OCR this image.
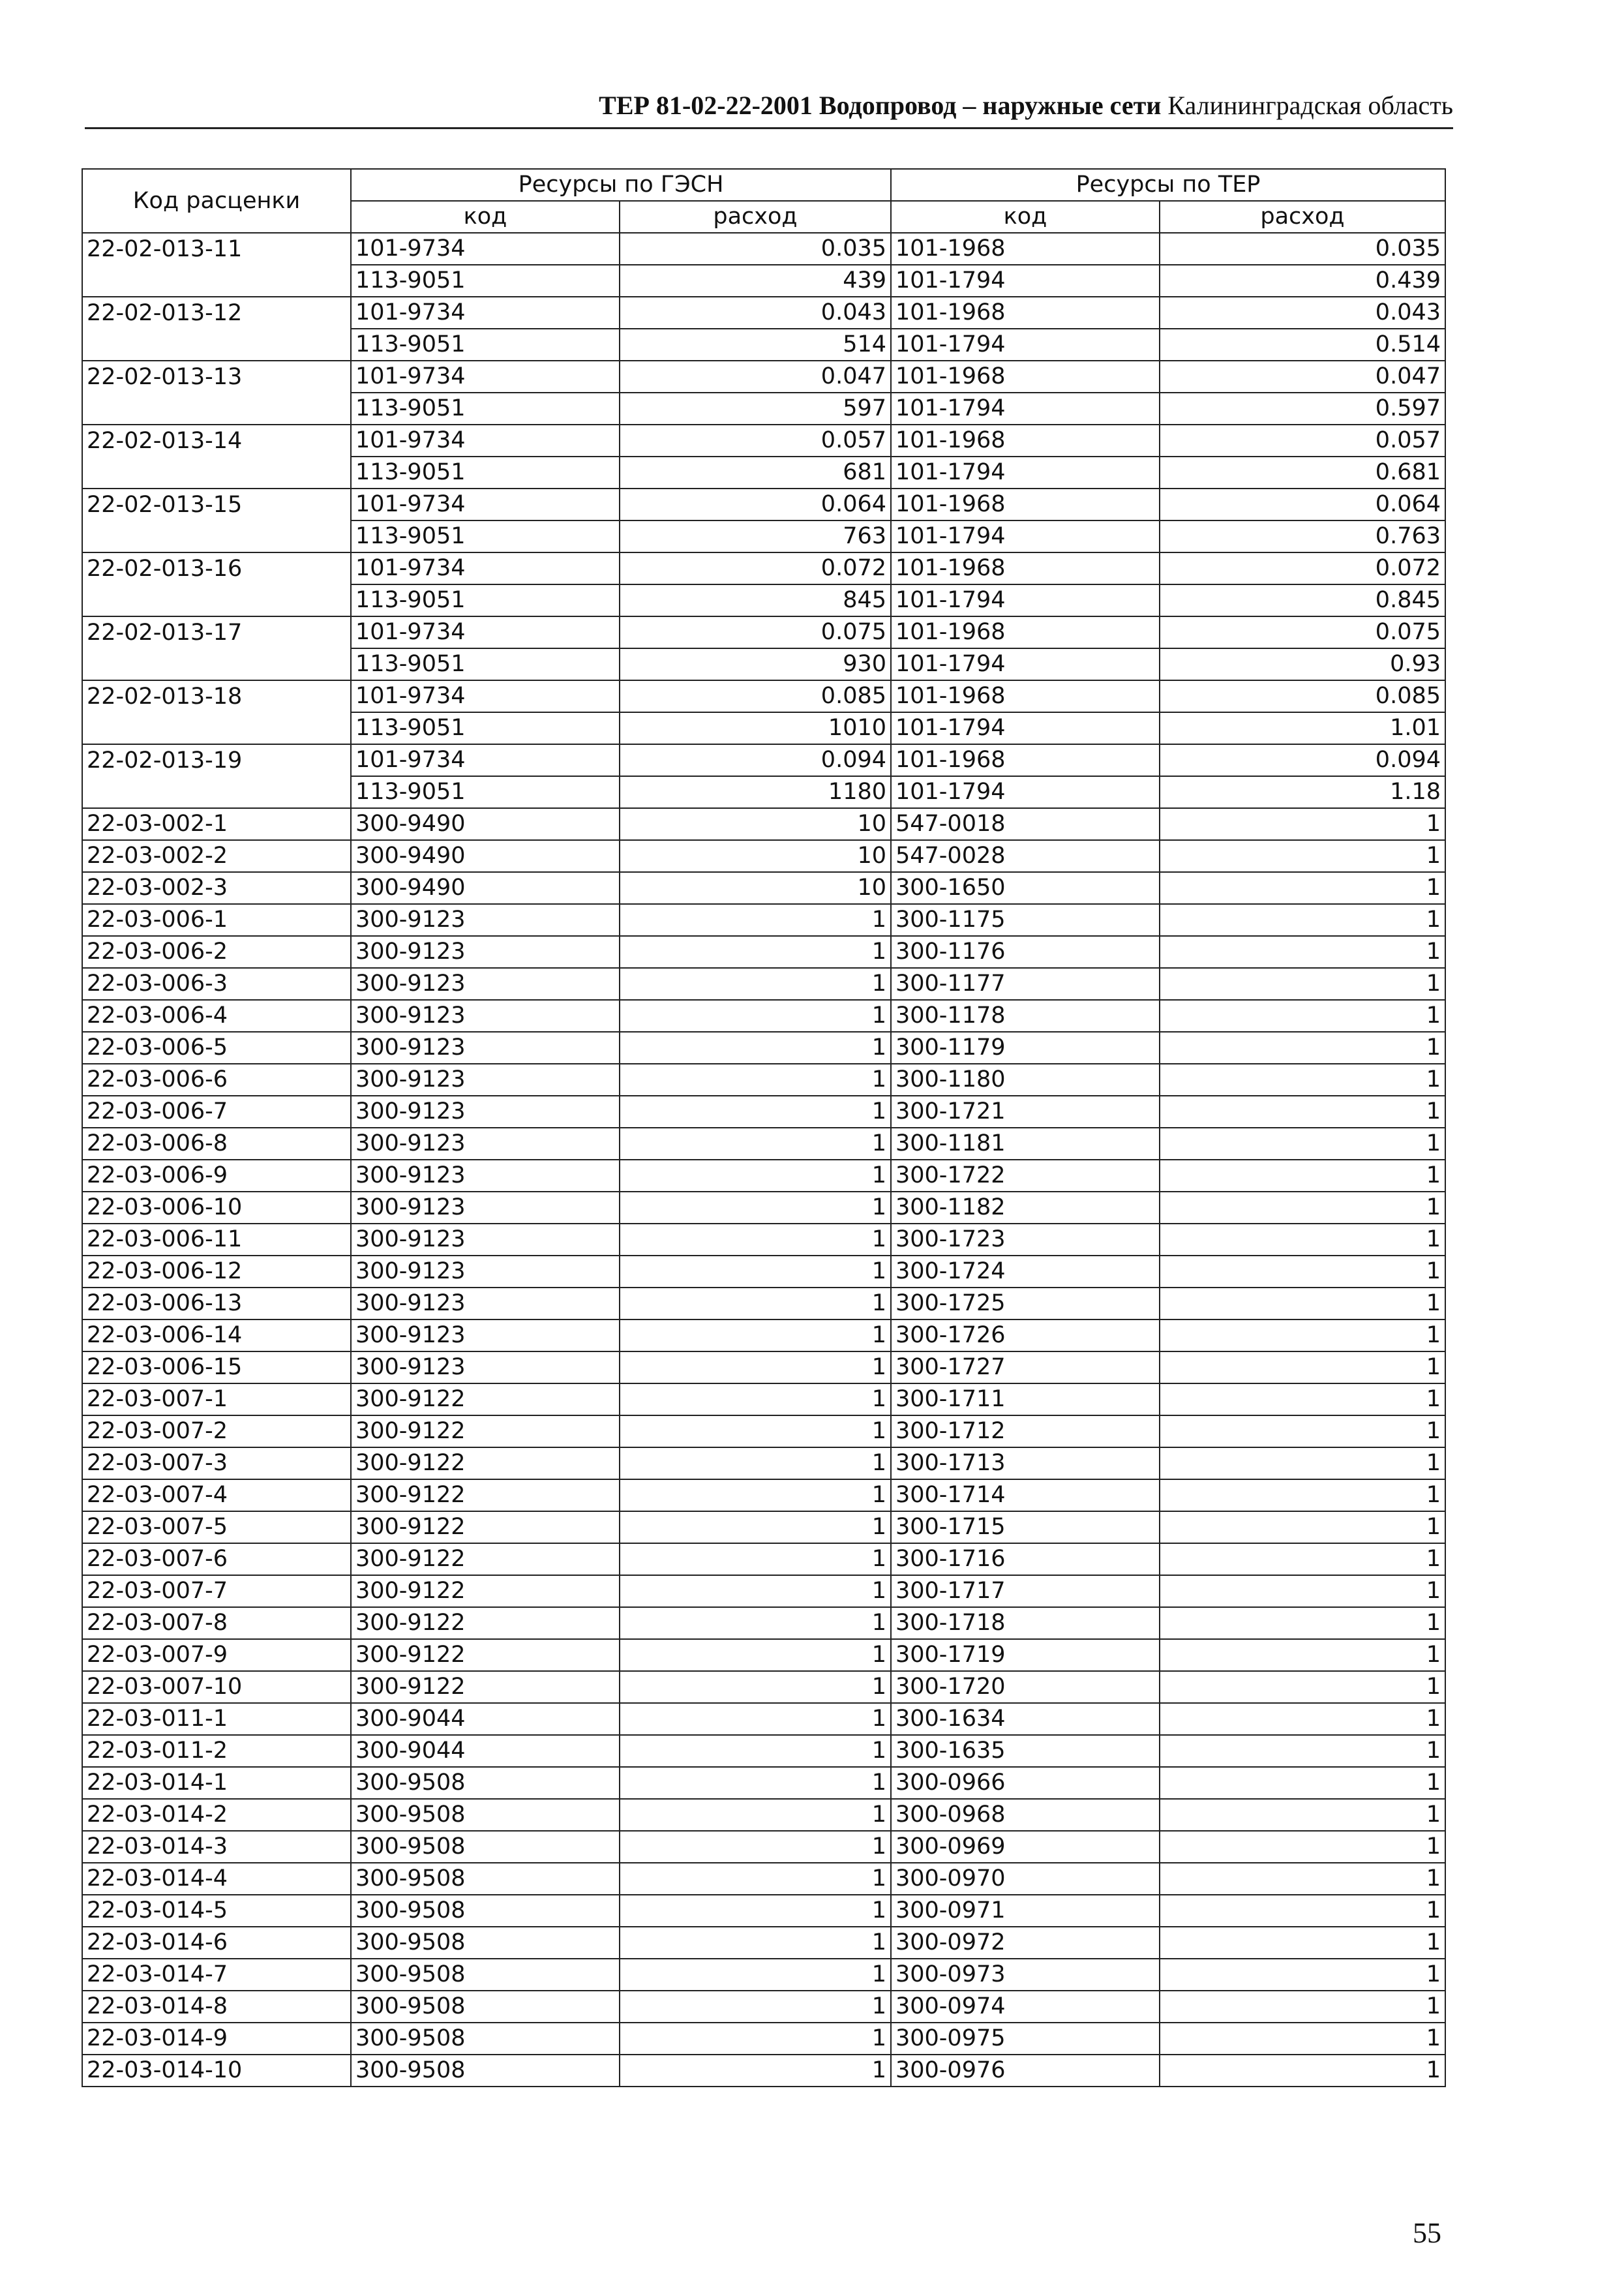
ТЕР 81-02-22-2001 Водопровод – наружные сети Калининградская область
Код расценки	Ресурсы по ГЭСН		Ресурсы по ТЕР	
	код	расход	код	расход
22-02-013-11	101-9734	0.035	101-1968	0.035
	113-9051	439	101-1794	0.439
22-02-013-12	101-9734	0.043	101-1968	0.043
	113-9051	514	101-1794	0.514
22-02-013-13	101-9734	0.047	101-1968	0.047
	113-9051	597	101-1794	0.597
22-02-013-14	101-9734	0.057	101-1968	0.057
	113-9051	681	101-1794	0.681
22-02-013-15	101-9734	0.064	101-1968	0.064
	113-9051	763	101-1794	0.763
22-02-013-16	101-9734	0.072	101-1968	0.072
	113-9051	845	101-1794	0.845
22-02-013-17	101-9734	0.075	101-1968	0.075
	113-9051	930	101-1794	0.93
22-02-013-18	101-9734	0.085	101-1968	0.085
	113-9051	1010	101-1794	1.01
22-02-013-19	101-9734	0.094	101-1968	0.094
	113-9051	1180	101-1794	1.18
22-03-002-1	300-9490	10	547-0018	1
22-03-002-2	300-9490	10	547-0028	1
22-03-002-3	300-9490	10	300-1650	1
22-03-006-1	300-9123	1	300-1175	1
22-03-006-2	300-9123	1	300-1176	1
22-03-006-3	300-9123	1	300-1177	1
22-03-006-4	300-9123	1	300-1178	1
22-03-006-5	300-9123	1	300-1179	1
22-03-006-6	300-9123	1	300-1180	1
22-03-006-7	300-9123	1	300-1721	1
22-03-006-8	300-9123	1	300-1181	1
22-03-006-9	300-9123	1	300-1722	1
22-03-006-10	300-9123	1	300-1182	1
22-03-006-11	300-9123	1	300-1723	1
22-03-006-12	300-9123	1	300-1724	1
22-03-006-13	300-9123	1	300-1725	1
22-03-006-14	300-9123	1	300-1726	1
22-03-006-15	300-9123	1	300-1727	1
22-03-007-1	300-9122	1	300-1711	1
22-03-007-2	300-9122	1	300-1712	1
22-03-007-3	300-9122	1	300-1713	1
22-03-007-4	300-9122	1	300-1714	1
22-03-007-5	300-9122	1	300-1715	1
22-03-007-6	300-9122	1	300-1716	1
22-03-007-7	300-9122	1	300-1717	1
22-03-007-8	300-9122	1	300-1718	1
22-03-007-9	300-9122	1	300-1719	1
22-03-007-10	300-9122	1	300-1720	1
22-03-011-1	300-9044	1	300-1634	1
22-03-011-2	300-9044	1	300-1635	1
22-03-014-1	300-9508	1	300-0966	1
22-03-014-2	300-9508	1	300-0968	1
22-03-014-3	300-9508	1	300-0969	1
22-03-014-4	300-9508	1	300-0970	1
22-03-014-5	300-9508	1	300-0971	1
22-03-014-6	300-9508	1	300-0972	1
22-03-014-7	300-9508	1	300-0973	1
22-03-014-8	300-9508	1	300-0974	1
22-03-014-9	300-9508	1	300-0975	1
22-03-014-10	300-9508	1	300-0976	1
55
